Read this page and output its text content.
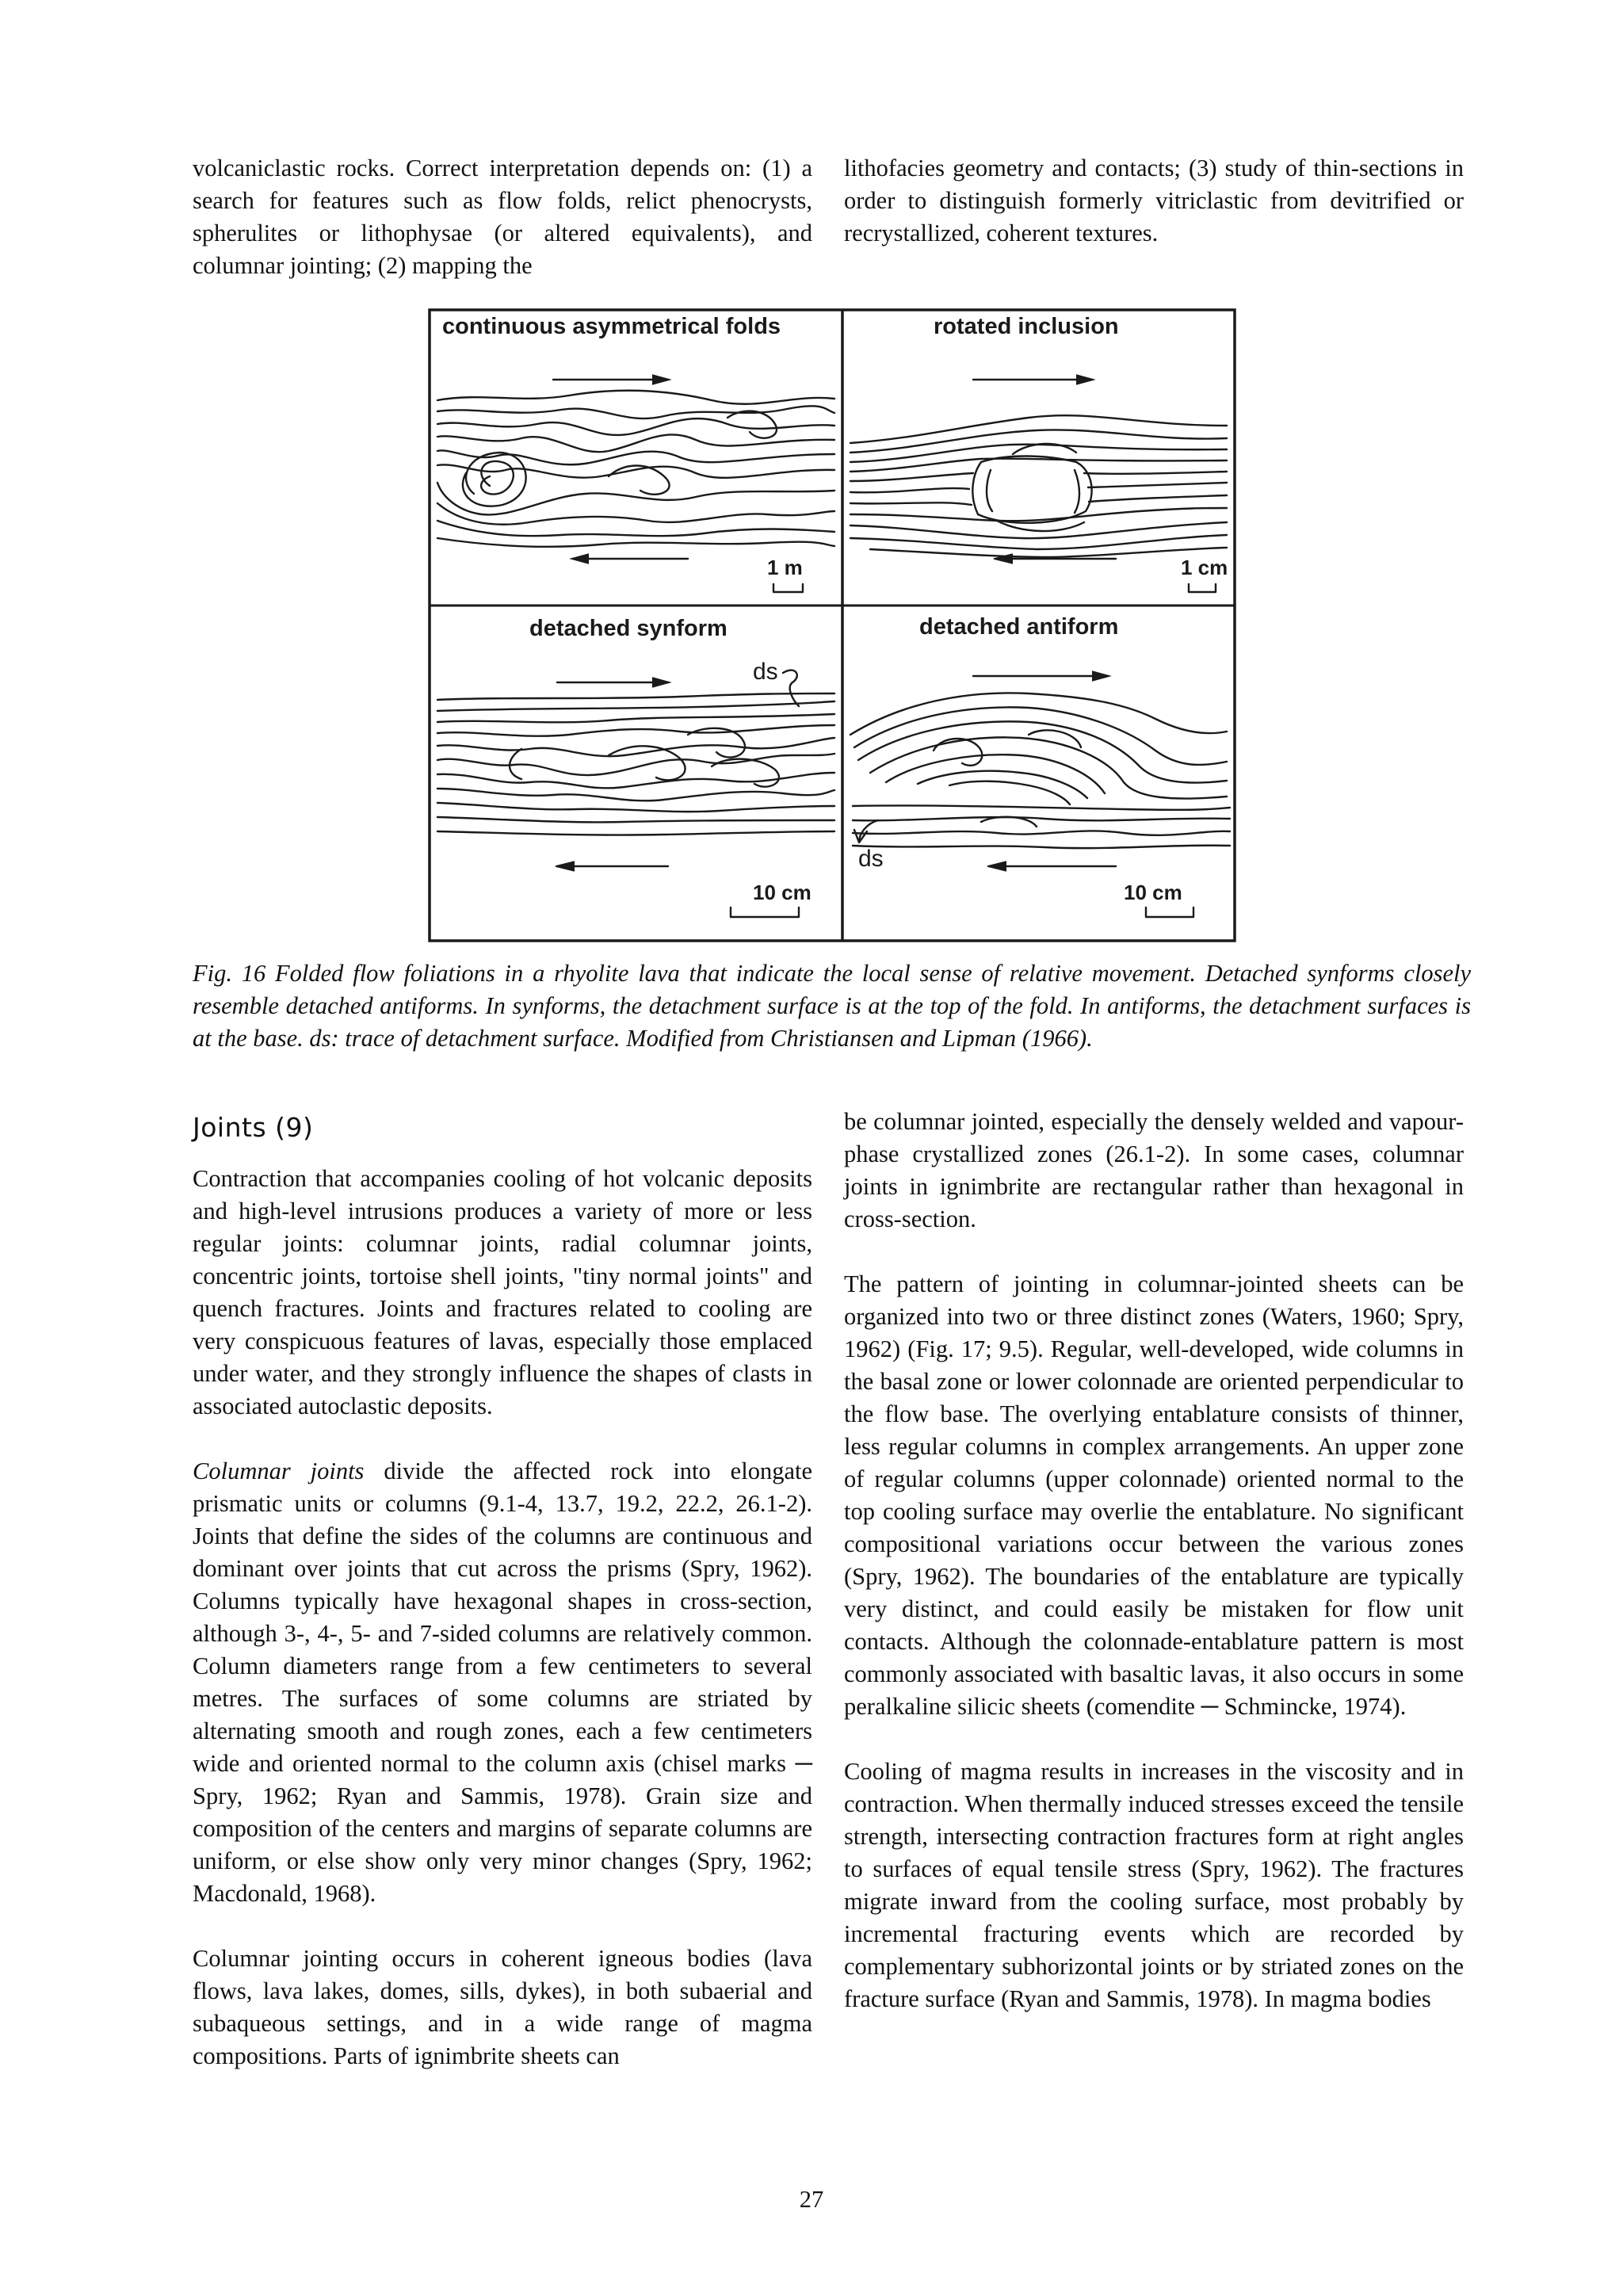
volcaniclastic rocks. Correct interpretation depends on: (1) a search for features such as flow folds, relict phenocrysts, spherulites or lithophysae (or altered equivalents), and columnar jointing; (2) mapping the

lithofacies geometry and contacts; (3) study of thin-sections in order to distinguish formerly vitriclastic from devitrified or recrystallized, coherent textures.

continuous asymmetrical folds
1 m
rotated inclusion
1 cm
detached synform
ds
10 cm
detached antiform
ds
10 cm
Fig. 16 Folded flow foliations in a rhyolite lava that indicate the local sense of relative movement. Detached synforms closely resemble detached antiforms. In synforms, the detachment surface is at the top of the fold. In antiforms, the detachment surfaces is at the base. ds: trace of detachment surface. Modified from Christiansen and Lipman (1966).
Joints (9)

Contraction that accompanies cooling of hot volcanic deposits and high-level intrusions produces a variety of more or less regular joints: columnar joints, radial columnar joints, concentric joints, tortoise shell joints, "tiny normal joints" and quench fractures. Joints and fractures related to cooling are very conspicuous features of lavas, especially those emplaced under water, and they strongly influence the shapes of clasts in associated autoclastic deposits.

Columnar joints divide the affected rock into elongate prismatic units or columns (9.1-4, 13.7, 19.2, 22.2, 26.1-2). Joints that define the sides of the columns are continuous and dominant over joints that cut across the prisms (Spry, 1962). Columns typically have hexagonal shapes in cross-section, although 3-, 4-, 5- and 7-sided columns are relatively common. Column diameters range from a few centimeters to several metres. The surfaces of some columns are striated by alternating smooth and rough zones, each a few centimeters wide and oriented normal to the column axis (chisel marks ─ Spry, 1962; Ryan and Sammis, 1978). Grain size and composition of the centers and margins of separate columns are uniform, or else show only very minor changes (Spry, 1962; Macdonald, 1968).

Columnar jointing occurs in coherent igneous bodies (lava flows, lava lakes, domes, sills, dykes), in both subaerial and subaqueous settings, and in a wide range of magma compositions. Parts of ignimbrite sheets can

be columnar jointed, especially the densely welded and vapour-phase crystallized zones (26.1-2). In some cases, columnar joints in ignimbrite are rectangular rather than hexagonal in cross-section.

The pattern of jointing in columnar-jointed sheets can be organized into two or three distinct zones (Waters, 1960; Spry, 1962) (Fig. 17; 9.5). Regular, well-developed, wide columns in the basal zone or lower colonnade are oriented perpendicular to the flow base. The overlying entablature consists of thinner, less regular columns in complex arrangements. An upper zone of regular columns (upper colonnade) oriented normal to the top cooling surface may overlie the entablature. No significant compositional variations occur between the various zones (Spry, 1962). The boundaries of the entablature are typically very distinct, and could easily be mistaken for flow unit contacts. Although the colonnade-entablature pattern is most commonly associated with basaltic lavas, it also occurs in some peralkaline silicic sheets (comendite ─ Schmincke, 1974).

Cooling of magma results in increases in the viscosity and in contraction. When thermally induced stresses exceed the tensile strength, intersecting contraction fractures form at right angles to surfaces of equal tensile stress (Spry, 1962). The fractures migrate inward from the cooling surface, most probably by incremental fracturing events which are recorded by complementary subhorizontal joints or by striated zones on the fracture surface (Ryan and Sammis, 1978). In magma bodies

27
